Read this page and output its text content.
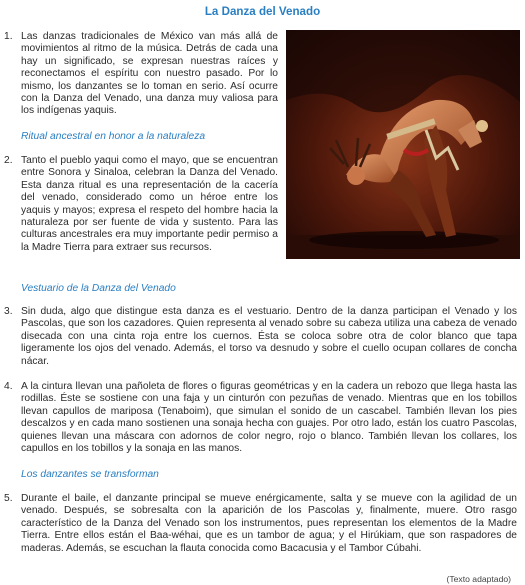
La Danza del Venado
1. Las danzas tradicionales de México van más allá de movimientos al ritmo de la música. Detrás de cada una hay un significado, se expresan nuestras raíces y reconectamos el espíritu con nuestro pasado. Por lo mismo, los danzantes se lo toman en serio. Así ocurre con la Danza del Venado, una danza muy valiosa para los indígenas yaquis.
Ritual ancestral en honor a la naturaleza
2. Tanto el pueblo yaqui como el mayo, que se encuentran entre Sonora y Sinaloa, celebran la Danza del Venado. Esta danza ritual es una representación de la cacería del venado, considerado como un héroe entre los yaquis y mayos; expresa el respeto del hombre hacia la naturaleza por ser fuente de vida y sustento. Para las culturas ancestrales era muy importante pedir permiso a la Madre Tierra para extraer sus recursos.
Vestuario de la Danza del Venado
3. Sin duda, algo que distingue esta danza es el vestuario. Dentro de la danza participan el Venado y los Pascolas, que son los cazadores. Quien representa al venado sobre su cabeza utiliza una cabeza de venado disecada con una cinta roja entre los cuernos. Ésta se coloca sobre otra de color blanco que tapa ligeramente los ojos del venado. Además, el torso va desnudo y sobre el cuello ocupan collares de concha nácar.
4. A la cintura llevan una pañoleta de flores o figuras geométricas y en la cadera un rebozo que llega hasta las rodillas. Éste se sostiene con una faja y un cinturón con pezuñas de venado. Mientras que en los tobillos llevan capullos de mariposa (Tenaboim), que simulan el sonido de un cascabel. También llevan los pies descalzos y en cada mano sostienen una sonaja hecha con guajes. Por otro lado, están los cuatro Pascolas, quienes llevan una máscara con adornos de color negro, rojo o blanco. También llevan los collares, los capullos en los tobillos y la sonaja en las manos.
Los danzantes se transforman
5. Durante el baile, el danzante principal se mueve enérgicamente, salta y se mueve con la agilidad de un venado. Después, se sobresalta con la aparición de los Pascolas y, finalmente, muere. Otro rasgo característico de la Danza del Venado son los instrumentos, pues representan los elementos de la Madre Tierra. Entre ellos están el Baa-wéhai, que es un tambor de agua; y el Hirúkiam, que son raspadores de maderas. Además, se escuchan la flauta conocida como Bacacusia y el Tambor Cúbahi.
(Texto adaptado)
